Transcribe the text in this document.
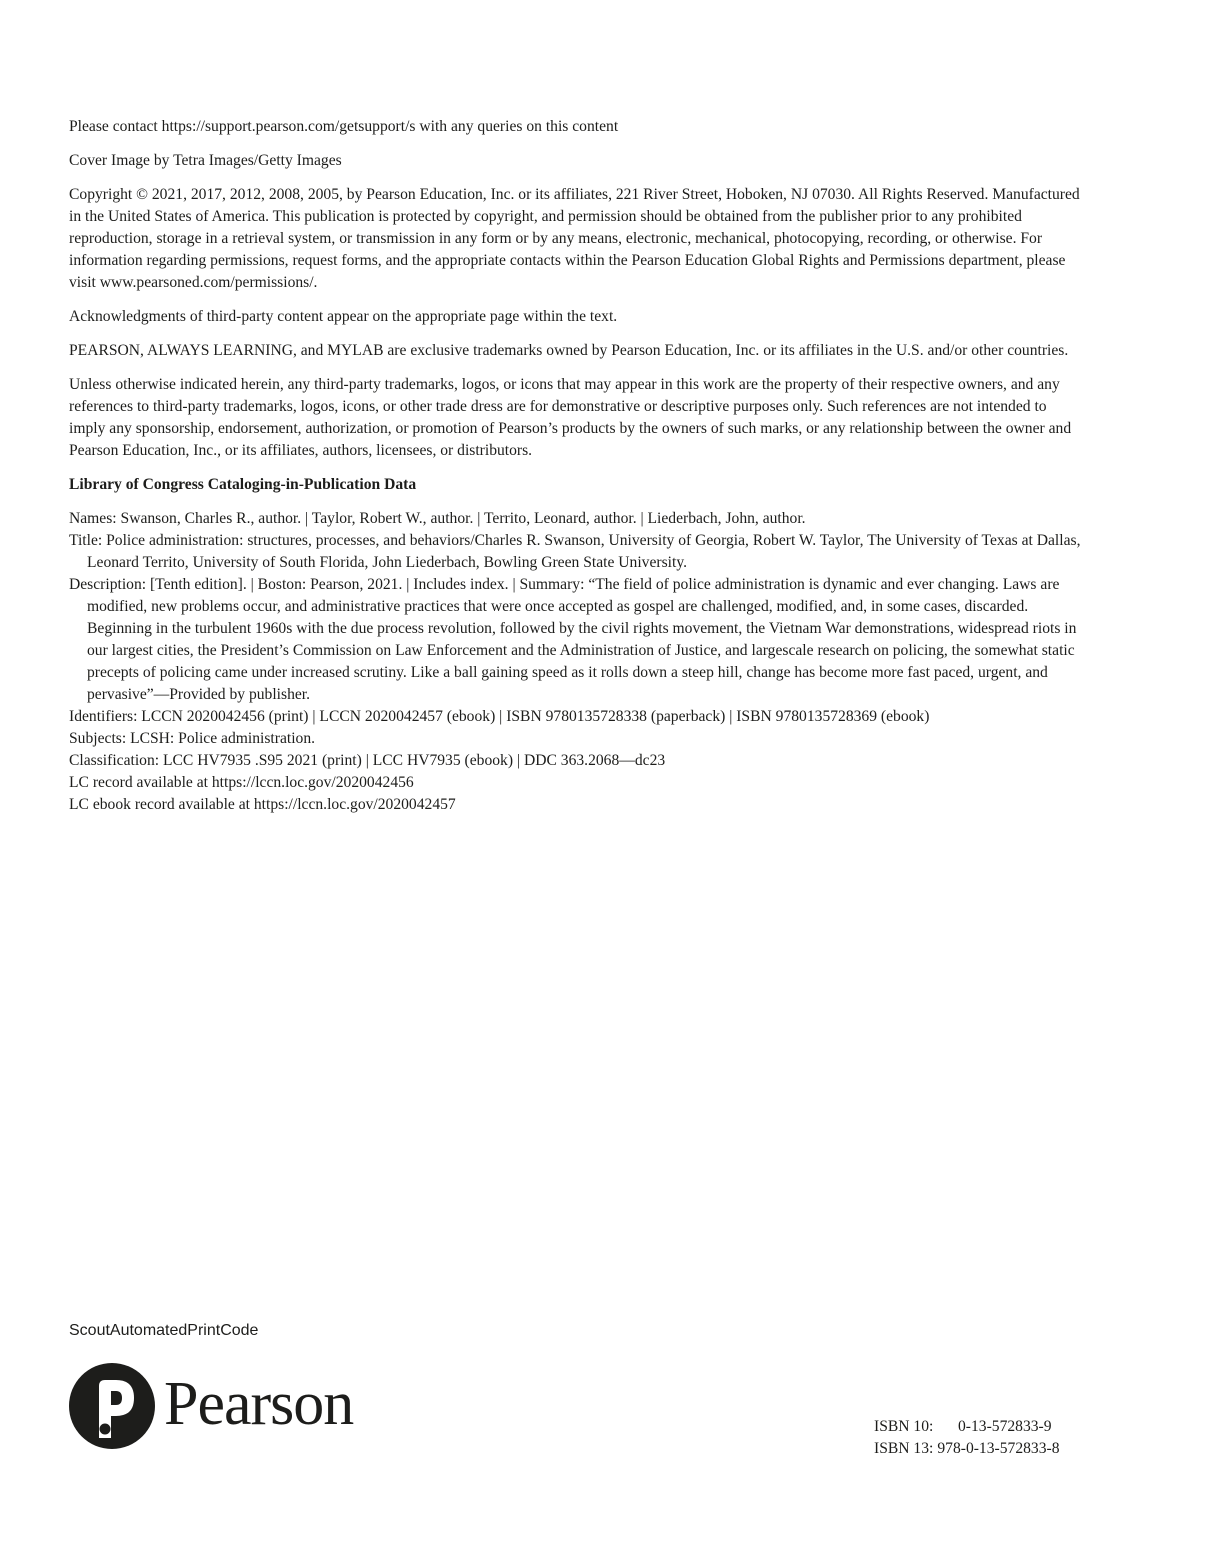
Please contact https://support.pearson.com/getsupport/s with any queries on this content

Cover Image by Tetra Images/Getty Images

Copyright © 2021, 2017, 2012, 2008, 2005, by Pearson Education, Inc. or its affiliates, 221 River Street, Hoboken, NJ 07030. All Rights Reserved. Manufactured in the United States of America. This publication is protected by copyright, and permission should be obtained from the publisher prior to any prohibited reproduction, storage in a retrieval system, or transmission in any form or by any means, electronic, mechanical, photocopying, recording, or otherwise. For information regarding permissions, request forms, and the appropriate contacts within the Pearson Education Global Rights and Permissions department, please visit www.pearsoned.com/permissions/.

Acknowledgments of third-party content appear on the appropriate page within the text.

PEARSON, ALWAYS LEARNING, and MYLAB are exclusive trademarks owned by Pearson Education, Inc. or its affiliates in the U.S. and/or other countries.

Unless otherwise indicated herein, any third-party trademarks, logos, or icons that may appear in this work are the property of their respective owners, and any references to third-party trademarks, logos, icons, or other trade dress are for demonstrative or descriptive purposes only. Such references are not intended to imply any sponsorship, endorsement, authorization, or promotion of Pearson’s products by the owners of such marks, or any relationship between the owner and Pearson Education, Inc., or its affiliates, authors, licensees, or distributors.

Library of Congress Cataloging-in-Publication Data
Names: Swanson, Charles R., author. | Taylor, Robert W., author. | Territo, Leonard, author. | Liederbach, John, author.
Title: Police administration: structures, processes, and behaviors/Charles R. Swanson, University of Georgia, Robert W. Taylor, The University of Texas at Dallas, Leonard Territo, University of South Florida, John Liederbach, Bowling Green State University.
Description: [Tenth edition]. | Boston: Pearson, 2021. | Includes index. | Summary: “The field of police administration is dynamic and ever changing. Laws are modified, new problems occur, and administrative practices that were once accepted as gospel are challenged, modified, and, in some cases, discarded. Beginning in the turbulent 1960s with the due process revolution, followed by the civil rights movement, the Vietnam War demonstrations, widespread riots in our largest cities, the President’s Commission on Law Enforcement and the Administration of Justice, and largescale research on policing, the somewhat static precepts of policing came under increased scrutiny. Like a ball gaining speed as it rolls down a steep hill, change has become more fast paced, urgent, and pervasive”—Provided by publisher.
Identifiers: LCCN 2020042456 (print) | LCCN 2020042457 (ebook) | ISBN 9780135728338 (paperback) | ISBN 9780135728369 (ebook)
Subjects: LCSH: Police administration.
Classification: LCC HV7935 .S95 2021 (print) | LCC HV7935 (ebook) | DDC 363.2068—dc23
LC record available at https://lccn.loc.gov/2020042456
LC ebook record available at https://lccn.loc.gov/2020042457
ScoutAutomatedPrintCode
Pearson	ISBN 10: 0-13-572833-9
ISBN 13: 978-0-13-572833-8
